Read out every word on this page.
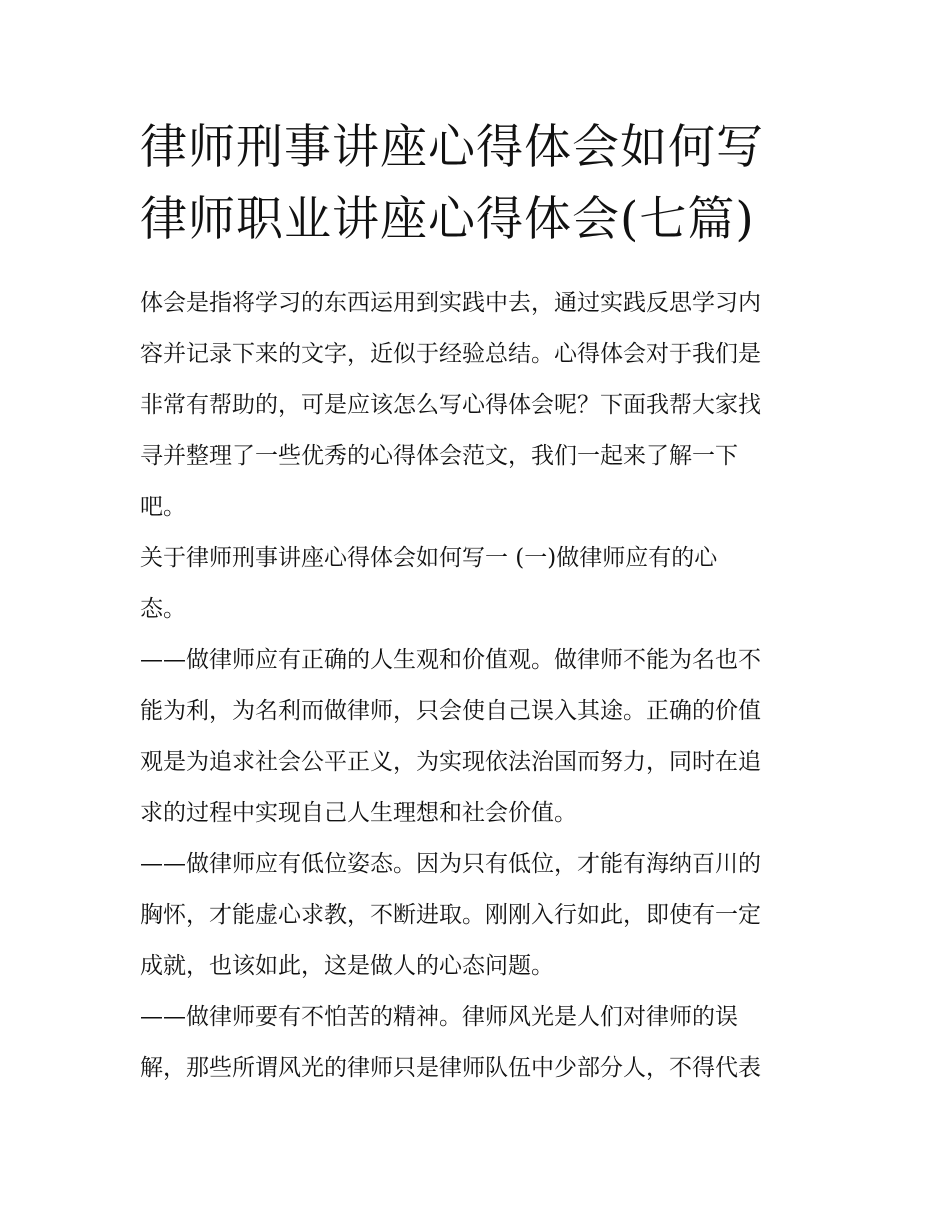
律师刑事讲座心得体会如何写
律师职业讲座心得体会(七篇)

体会是指将学习的东西运用到实践中去，通过实践反思学习内
容并记录下来的文字，近似于经验总结。心得体会对于我们是
非常有帮助的，可是应该怎么写心得体会呢？下面我帮大家找
寻并整理了一些优秀的心得体会范文，我们一起来了解一下
吧。

关于律师刑事讲座心得体会如何写一 (一)做律师应有的心
态。

——做律师应有正确的人生观和价值观。做律师不能为名也不
能为利，为名利而做律师，只会使自己误入其途。正确的价值
观是为追求社会公平正义，为实现依法治国而努力，同时在追
求的过程中实现自己人生理想和社会价值。

——做律师应有低位姿态。因为只有低位，才能有海纳百川的
胸怀，才能虚心求教，不断进取。刚刚入行如此，即使有一定
成就，也该如此，这是做人的心态问题。

——做律师要有不怕苦的精神。律师风光是人们对律师的误
解，那些所谓风光的律师只是律师队伍中少部分人，不得代表
